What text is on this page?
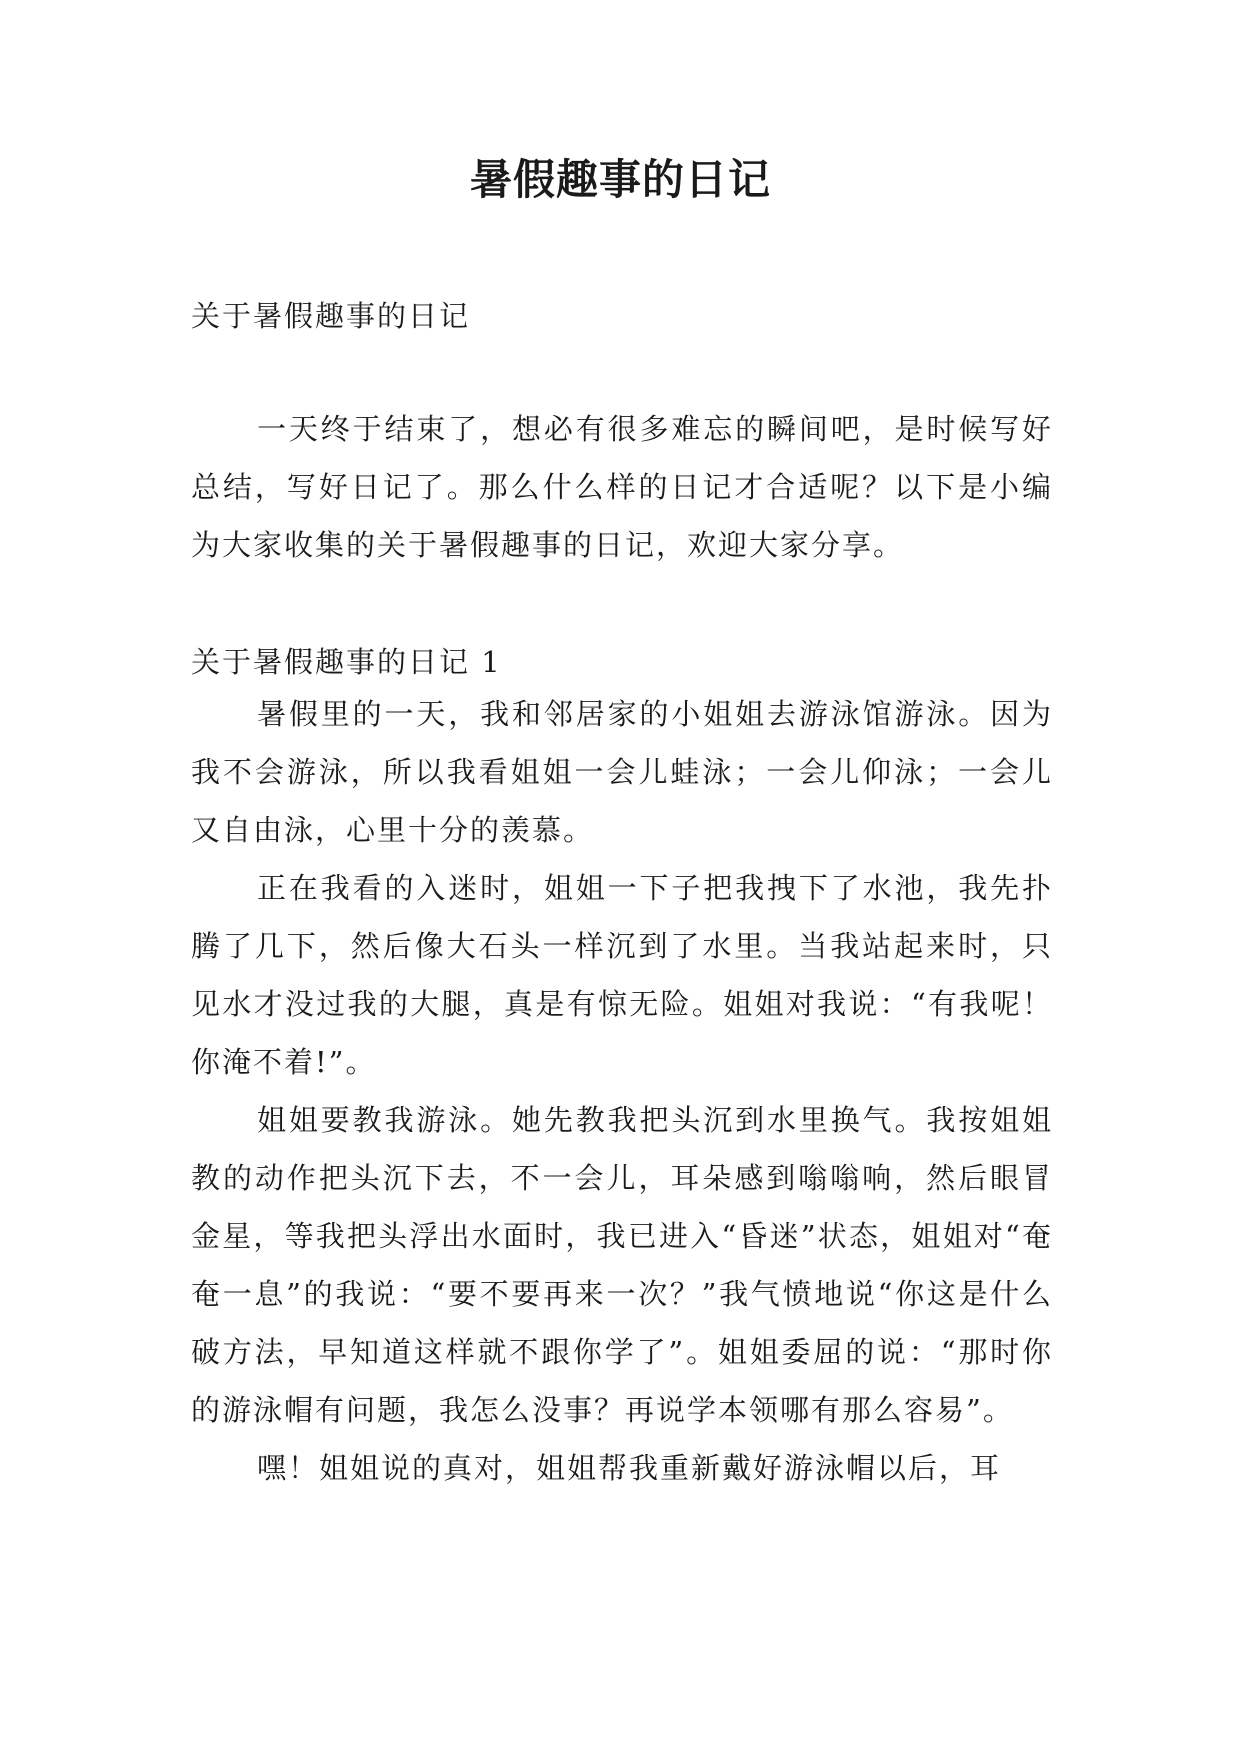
暑假趣事的日记

关于暑假趣事的日记

一天终于结束了，想必有很多难忘的瞬间吧，是时候写好总结，写好日记了。那么什么样的日记才合适呢？以下是小编为大家收集的关于暑假趣事的日记，欢迎大家分享。

关于暑假趣事的日记 1

暑假里的一天，我和邻居家的小姐姐去游泳馆游泳。因为我不会游泳，所以我看姐姐一会儿蛙泳；一会儿仰泳；一会儿又自由泳，心里十分的羡慕。

正在我看的入迷时，姐姐一下子把我拽下了水池，我先扑腾了几下，然后像大石头一样沉到了水里。当我站起来时，只见水才没过我的大腿，真是有惊无险。姐姐对我说：“有我呢！你淹不着!”。

姐姐要教我游泳。她先教我把头沉到水里换气。我按姐姐教的动作把头沉下去，不一会儿，耳朵感到嗡嗡响，然后眼冒金星，等我把头浮出水面时，我已进入“昏迷”状态，姐姐对“奄奄一息”的我说：“要不要再来一次？”我气愤地说“你这是什么破方法，早知道这样就不跟你学了”。姐姐委屈的说：“那时你的游泳帽有问题，我怎么没事？再说学本领哪有那么容易”。

嘿！姐姐说的真对，姐姐帮我重新戴好游泳帽以后，耳
